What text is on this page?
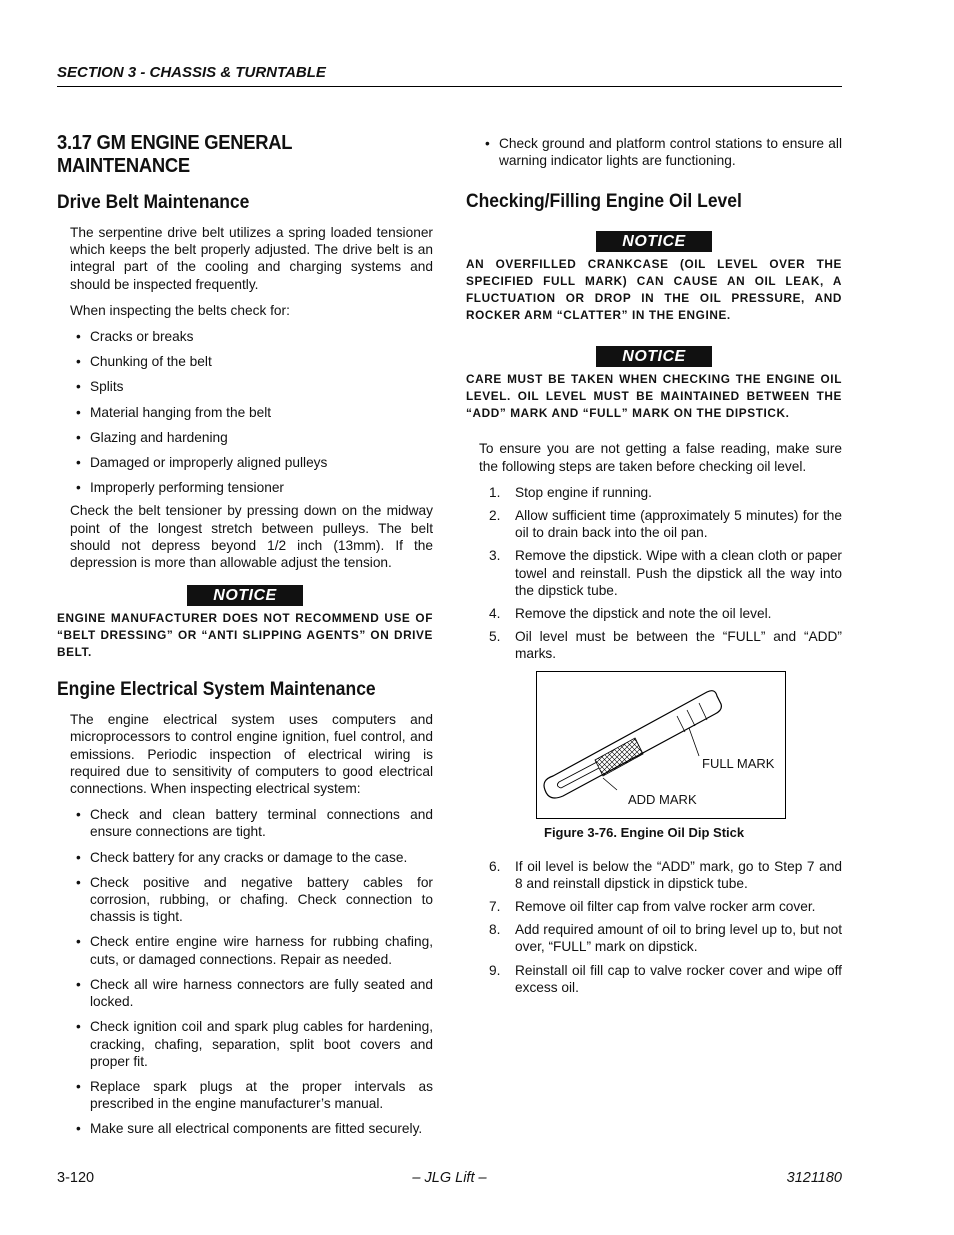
SECTION 3 - CHASSIS & TURNTABLE
3.17 GM ENGINE GENERAL MAINTENANCE
Drive Belt Maintenance

The serpentine drive belt utilizes a spring loaded tensioner which keeps the belt properly adjusted. The drive belt is an integral part of the cooling and charging systems and should be inspected frequently.

When inspecting the belts check for:

• Cracks or breaks
• Chunking of the belt
• Splits
• Material hanging from the belt
• Glazing and hardening
• Damaged or improperly aligned pulleys
• Improperly performing tensioner

Check the belt tensioner by pressing down on the midway point of the longest stretch between pulleys. The belt should not depress beyond 1/2 inch (13mm). If the depression is more than allowable adjust the tension.

NOTICE

ENGINE MANUFACTURER DOES NOT RECOMMEND USE OF “BELT DRESSING” OR “ANTI SLIPPING AGENTS” ON DRIVE BELT.

Engine Electrical System Maintenance

The engine electrical system uses computers and microprocessors to control engine ignition, fuel control, and emissions. Periodic inspection of electrical wiring is required due to sensitivity of computers to good electrical connections. When inspecting electrical system:

• Check and clean battery terminal connections and ensure connections are tight.
• Check battery for any cracks or damage to the case.
• Check positive and negative battery cables for corrosion, rubbing, or chafing. Check connection to chassis is tight.
• Check entire engine wire harness for rubbing chafing, cuts, or damaged connections. Repair as needed.
• Check all wire harness connectors are fully seated and locked.
• Check ignition coil and spark plug cables for hardening, cracking, chafing, separation, split boot covers and proper fit.
• Replace spark plugs at the proper intervals as prescribed in the engine manufacturer’s manual.
• Make sure all electrical components are fitted securely.
• Check ground and platform control stations to ensure all warning indicator lights are functioning.
Checking/Filling Engine Oil Level
NOTICE

AN OVERFILLED CRANKCASE (OIL LEVEL OVER THE SPECIFIED FULL MARK) CAN CAUSE AN OIL LEAK, A FLUCTUATION OR DROP IN THE OIL PRESSURE, AND ROCKER ARM “CLATTER” IN THE ENGINE.

NOTICE

CARE MUST BE TAKEN WHEN CHECKING THE ENGINE OIL LEVEL. OIL LEVEL MUST BE MAINTAINED BETWEEN THE “ADD” MARK AND “FULL” MARK ON THE DIPSTICK.

To ensure you are not getting a false reading, make sure the following steps are taken before checking oil level.

1. Stop engine if running.
2. Allow sufficient time (approximately 5 minutes) for the oil to drain back into the oil pan.
3. Remove the dipstick. Wipe with a clean cloth or paper towel and reinstall. Push the dipstick all the way into the dipstick tube.
4. Remove the dipstick and note the oil level.
5. Oil level must be between the “FULL” and “ADD” marks.
FULL MARK
ADD MARK
Figure 3-76. Engine Oil Dip Stick
6. If oil level is below the “ADD” mark, go to Step 7 and 8 and reinstall dipstick in dipstick tube.
7. Remove oil filter cap from valve rocker arm cover.
8. Add required amount of oil to bring level up to, but not over, “FULL” mark on dipstick.
9. Reinstall oil fill cap to valve rocker cover and wipe off excess oil.
3-120	– JLG Lift –	3121180
